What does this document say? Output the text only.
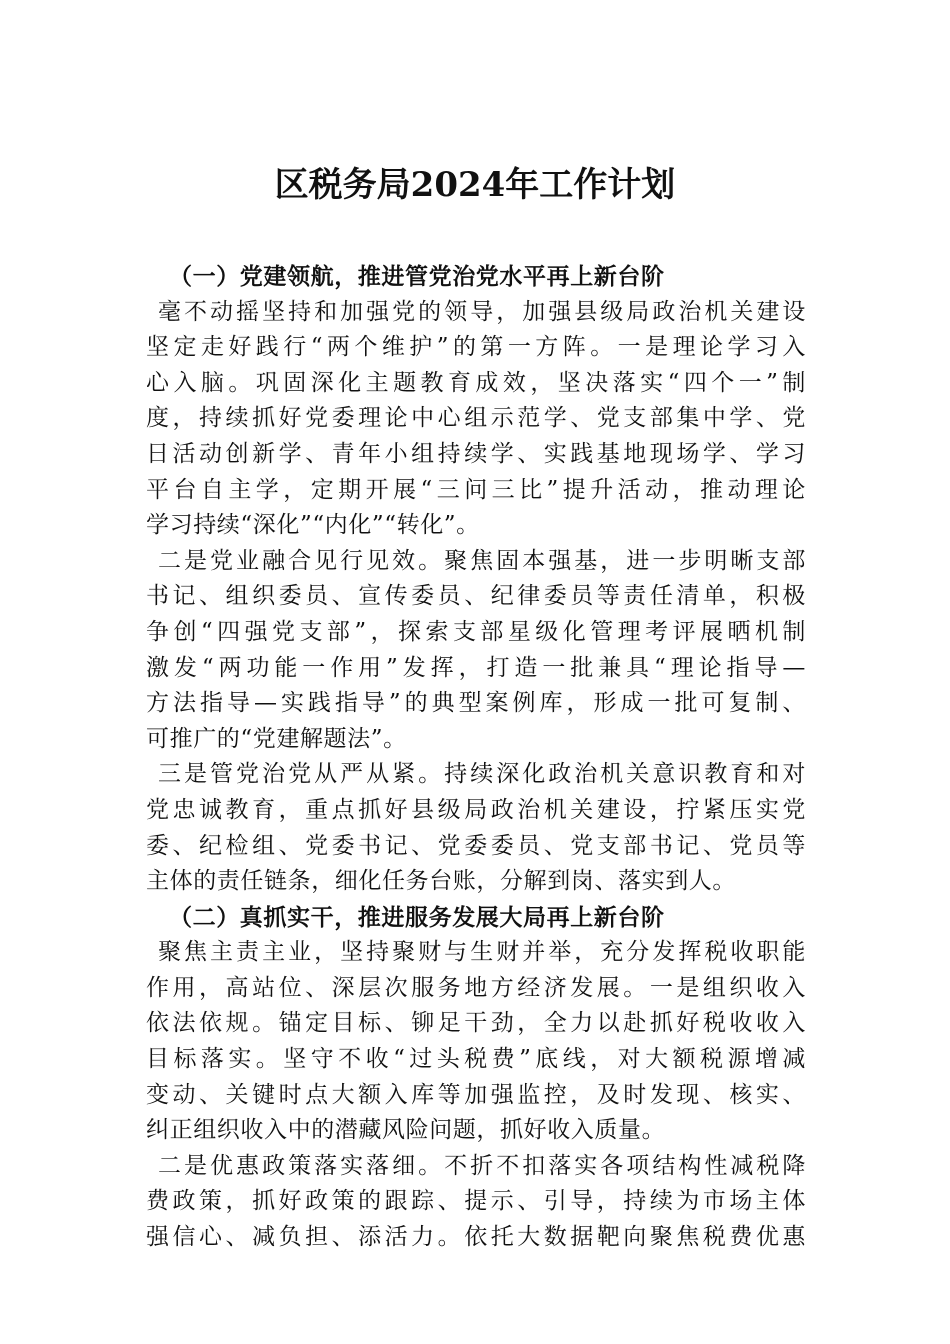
区税务局2024年工作计划
（一）党建领航，推进管党治党水平再上新台阶
毫不动摇坚持和加强党的领导，加强县级局政治机关建设
坚定走好践行“两个维护”的第一方阵。一是理论学习入
心入脑。巩固深化主题教育成效，坚决落实“四个一”制
度，持续抓好党委理论中心组示范学、党支部集中学、党
日活动创新学、青年小组持续学、实践基地现场学、学习
平台自主学，定期开展“三问三比”提升活动，推动理论
学习持续“深化”“内化”“转化”。
二是党业融合见行见效。聚焦固本强基，进一步明晰支部
书记、组织委员、宣传委员、纪律委员等责任清单，积极
争创“四强党支部”，探索支部星级化管理考评展晒机制
激发“两功能一作用”发挥，打造一批兼具“理论指导—
方法指导—实践指导”的典型案例库，形成一批可复制、
可推广的“党建解题法”。
三是管党治党从严从紧。持续深化政治机关意识教育和对
党忠诚教育，重点抓好县级局政治机关建设，拧紧压实党
委、纪检组、党委书记、党委委员、党支部书记、党员等
主体的责任链条，细化任务台账，分解到岗、落实到人。
（二）真抓实干，推进服务发展大局再上新台阶
聚焦主责主业，坚持聚财与生财并举，充分发挥税收职能
作用，高站位、深层次服务地方经济发展。一是组织收入
依法依规。锚定目标、铆足干劲，全力以赴抓好税收收入
目标落实。坚守不收“过头税费”底线，对大额税源增减
变动、关键时点大额入库等加强监控，及时发现、核实、
纠正组织收入中的潜藏风险问题，抓好收入质量。
二是优惠政策落实落细。不折不扣落实各项结构性减税降
费政策，抓好政策的跟踪、提示、引导，持续为市场主体
强信心、减负担、添活力。依托大数据靶向聚焦税费优惠
